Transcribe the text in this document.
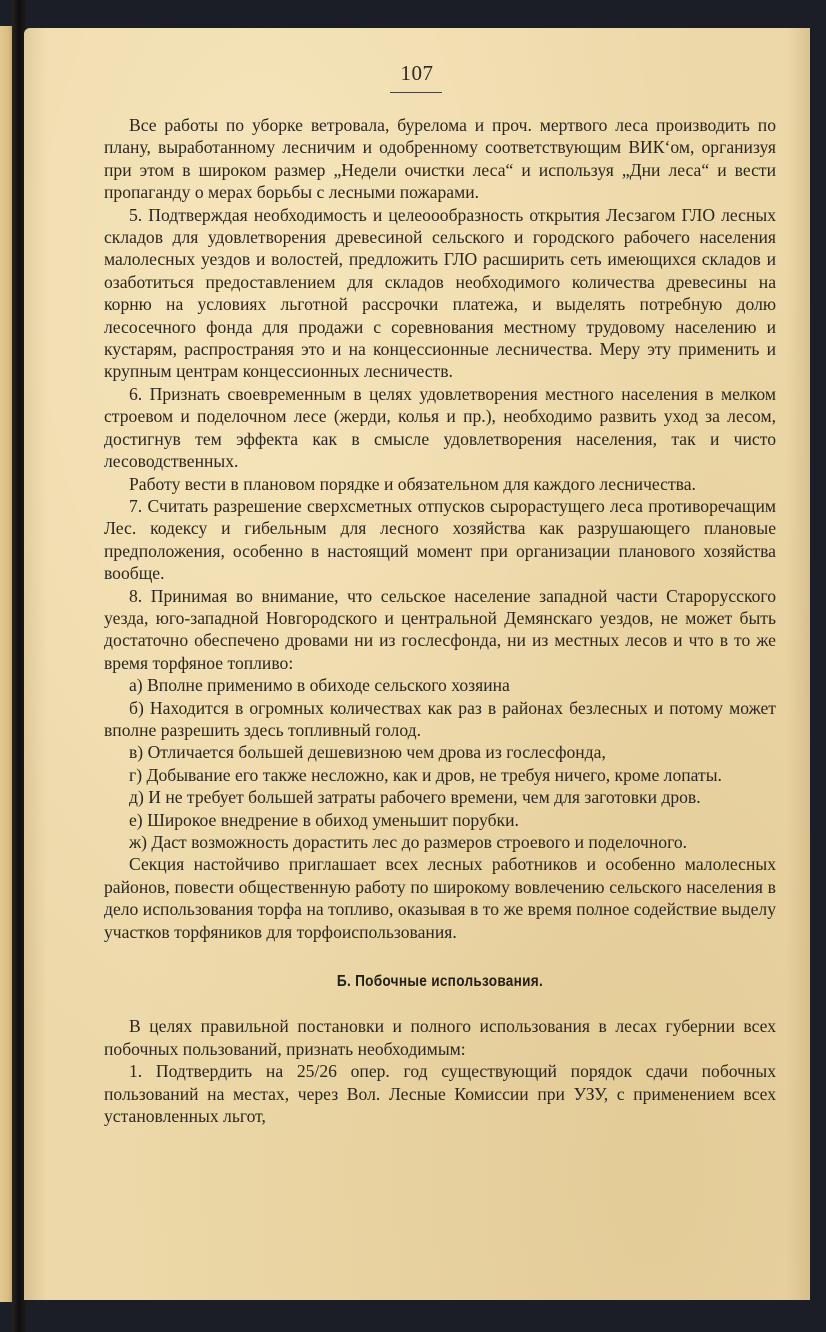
107

Все работы по уборке ветровала, бурелома и проч. мертвого леса производить по плану, выработанному лесничим и одобренному соответствующим ВИК‘ом, организуя при этом в широком размер „Недели очистки леса“ и используя „Дни леса“ и вести пропаганду о мерах борьбы с лесными пожарами.

5. Подтверждая необходимость и целеоообразность открытия Лесзагом ГЛО лесных складов для удовлетворения древесиной сельского и городского рабочего населения малолесных уездов и волостей, предложить ГЛО расширить сеть имеющихся складов и озаботиться предоставлением для складов необходимого количества древесины на корню на условиях льготной рассрочки платежа, и выделять потребную долю лесосечного фонда для продажи с соревнования местному трудовому населению и кустарям, распространяя это и на концессионные лесничества. Меру эту применить и крупным центрам концессионных лесничеств.

6. Признать своевременным в целях удовлетворения местного населения в мелком строевом и поделочном лесе (жерди, колья и пр.), необходимо развить уход за лесом, достигнув тем эффекта как в смысле удовлетворения населения, так и чисто лесоводственных.

Работу вести в плановом порядке и обязательном для каждого лесничества.

7. Считать разрешение сверхсметных отпусков сырорастущего леса противоречащим Лес. кодексу и гибельным для лесного хозяйства как разрушающего плановые предположения, особенно в настоящий момент при организации планового хозяйства вообще.

8. Принимая во внимание, что сельское население западной части Старорусского уезда, юго-западной Новгородского и центральной Демянскаго уездов, не может быть достаточно обеспечено дровами ни из гослесфонда, ни из местных лесов и что в то же время торфяное топливо:

а) Вполне применимо в обиходе сельского хозяина

б) Находится в огромных количествах как раз в районах безлесных и потому может вполне разрешить здесь топливный голод.

в) Отличается большей дешевизною чем дрова из гослесфонда,

г) Добывание его также несложно, как и дров, не требуя ничего, кроме лопаты.

д) И не требует большей затраты рабочего времени, чем для заготовки дров.

е) Широкое внедрение в обиход уменьшит порубки.

ж) Даст возможность дорастить лес до размеров строевого и поделочного.

Секция настойчиво приглашает всех лесных работников и особенно малолесных районов, повести общественную работу по широкому вовлечению сельского населения в дело использования торфа на топливо, оказывая в то же время полное содействие выделу участков торфяников для торфоиспользования.

Б. Побочные использования.

В целях правильной постановки и полного использования в лесах губернии всех побочных пользований, признать необходимым:

1. Подтвердить на 25/26 опер. год существующий порядок сдачи побочных пользований на местах, через Вол. Лесные Комиссии при УЗУ, с применением всех установленных льгот,
